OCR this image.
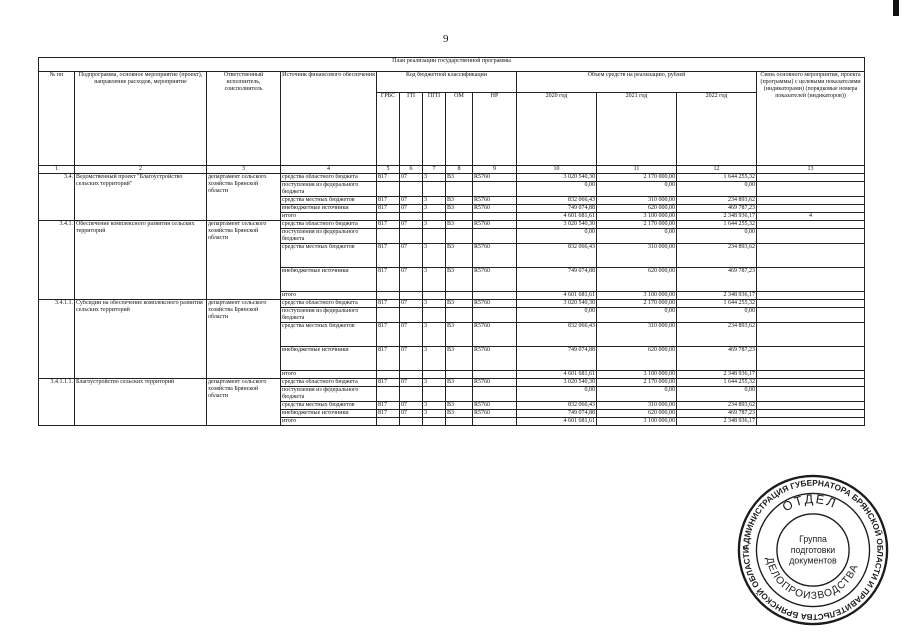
9
План реализации государственной программы												
№ пп	Подпрограмма, основное мероприятие (проект), направление расходов, мероприятие	Ответственный исполнитель, соисполнитель	Источник финансового обеспечения	Код бюджетной классификации					Объем средств на реализацию, рублей			Связь основного мероприятия, проекта (программы) с целевыми показателями (индикаторами) (порядковые номера показателей (индикаторов))
				ГРБС	ГП	ПГП	ОМ	НР	2020 год	2021 год	2022 год	
1	2	3	4	5	6	7	8	9	10	11	12	13
3.4.	Ведомственный проект "Благоустройство сельских территорий"	департамент сельского хозяйства Брянской области	средства областного бюджета	817	07	3	В3	R5760	3 020 540,30	2 170 000,00	1 644 255,32	
			поступления из федерального бюджета						0,00	0,00	0,00	
			средства местных бюджетов	817	07	3	В3	R5760	832 066,43	310 000,00	234 893,62	
			внебюджетные источники	817	07	3	В3	R5760	749 074,88	620 000,00	469 787,23	
			итого						4 601 681,61	3 100 000,00	2 348 936,17	4
3.4.1.	Обеспечение комплексного развития сельских территорий	департамент сельского хозяйства Брянской области	средства областного бюджета	817	07	3	В3	R5760	3 020 540,30	2 170 000,00	1 644 255,32	
			поступления из федерального бюджета						0,00	0,00	0,00	
			средства местных бюджетов	817	07	3	В3	R5760	832 066,43	310 000,00	234 893,62	
			внебюджетные источники	817	07	3	В3	R5760	749 074,88	620 000,00	469 787,23	
			итого						4 601 681,61	3 100 000,00	2 348 936,17	
3.4.1.1.	Субсидии на обеспечение комплексного развития сельских территорий	департамент сельского хозяйства Брянской области	средства областного бюджета	817	07	3	В3	R5760	3 020 540,30	2 170 000,00	1 644 255,32	
			поступления из федерального бюджета						0,00	0,00	0,00	
			средства местных бюджетов	817	07	3	В3	R5760	832 066,43	310 000,00	234 893,62	
			внебюджетные источники	817	07	3	В3	R5760	749 074,88	620 000,00	469 787,23	
			итого						4 601 681,61	3 100 000,00	2 348 936,17	
3.4.1.1.1.	Благоустройство сельских территорий	департамент сельского хозяйства Брянской области	средства областного бюджета	817	07	3	В3	R5760	3 020 540,30	2 170 000,00	1 644 255,32	
			поступления из федерального бюджета						0,00	0,00	0,00	
			средства местных бюджетов	817	07	3	В3	R5760	832 066,43	310 000,00	234 893,62	
			внебюджетные источники	817	07	3	В3	R5760	749 074,88	620 000,00	469 787,23	
			итого						4 601 681,61	3 100 000,00	2 348 936,17	
АДМИНИСТРАЦИЯ ГУБЕРНАТОРА БРЯНСКОЙ ОБЛАСТИ И ПРАВИТЕЛЬСТВА БРЯНСКОЙ ОБЛАСТИ
ОТДЕЛ
ДЕЛОПРОИЗВОДСТВА
Группа
подготовки
документов
